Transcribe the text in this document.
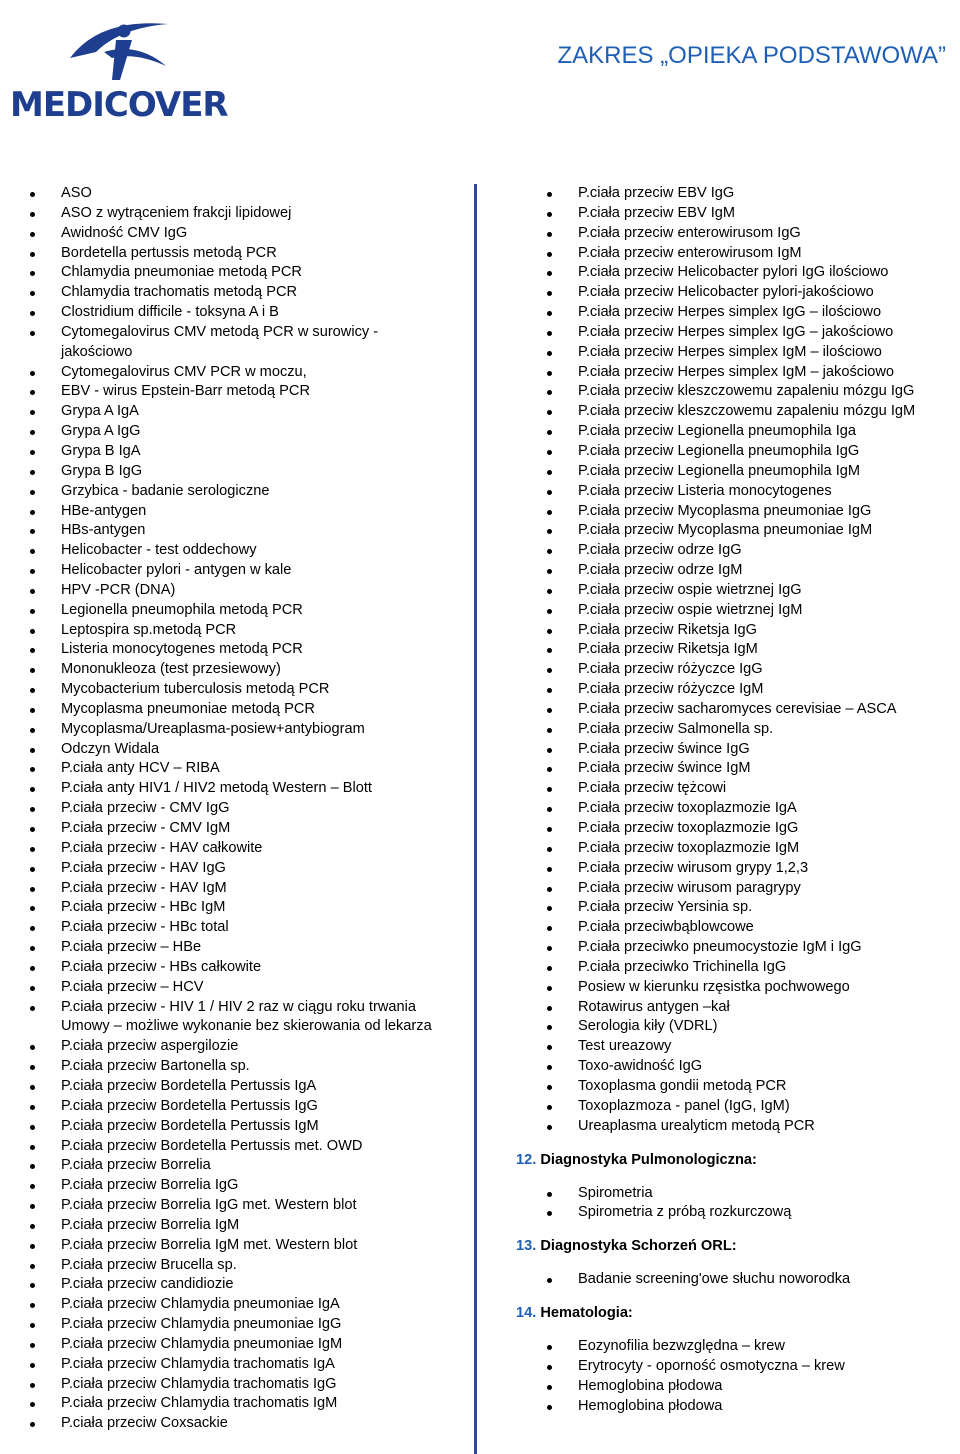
MEDICOVER
ZAKRES „OPIEKA PODSTAWOWA”
ASO
ASO z wytrąceniem frakcji lipidowej
Awidność CMV IgG
Bordetella pertussis metodą PCR
Chlamydia pneumoniae metodą PCR
Chlamydia trachomatis metodą PCR
Clostridium difficile - toksyna A i B
Cytomegalovirus CMV metodą PCR w surowicy - jakościowo
Cytomegalovirus CMV PCR w moczu,
EBV - wirus Epstein-Barr metodą PCR
Grypa A IgA
Grypa A IgG
Grypa B IgA
Grypa B IgG
Grzybica - badanie serologiczne
HBe-antygen
HBs-antygen
Helicobacter - test oddechowy
Helicobacter pylori - antygen w kale
HPV -PCR (DNA)
Legionella pneumophila metodą PCR
Leptospira sp.metodą PCR
Listeria monocytogenes metodą PCR
Mononukleoza (test przesiewowy)
Mycobacterium tuberculosis metodą PCR
Mycoplasma pneumoniae metodą PCR
Mycoplasma/Ureaplasma-posiew+antybiogram
Odczyn Widala
P.ciała anty HCV – RIBA
P.ciała anty HIV1 / HIV2 metodą Western – Blott
P.ciała przeciw - CMV IgG
P.ciała przeciw - CMV IgM
P.ciała przeciw - HAV całkowite
P.ciała przeciw - HAV IgG
P.ciała przeciw - HAV IgM
P.ciała przeciw - HBc IgM
P.ciała przeciw - HBc total
P.ciała przeciw – HBe
P.ciała przeciw - HBs całkowite
P.ciała przeciw – HCV
P.ciała przeciw - HIV 1 / HIV 2 raz w ciągu roku trwania Umowy – możliwe wykonanie bez skierowania od lekarza
P.ciała przeciw aspergilozie
P.ciała przeciw Bartonella sp.
P.ciała przeciw Bordetella Pertussis IgA
P.ciała przeciw Bordetella Pertussis IgG
P.ciała przeciw Bordetella Pertussis IgM
P.ciała przeciw Bordetella Pertussis met. OWD
P.ciała przeciw Borrelia
P.ciała przeciw Borrelia IgG
P.ciała przeciw Borrelia IgG met. Western blot
P.ciała przeciw Borrelia IgM
P.ciała przeciw Borrelia IgM met. Western blot
P.ciała przeciw Brucella sp.
P.ciała przeciw candidiozie
P.ciała przeciw Chlamydia pneumoniae IgA
P.ciała przeciw Chlamydia pneumoniae IgG
P.ciała przeciw Chlamydia pneumoniae IgM
P.ciała przeciw Chlamydia trachomatis IgA
P.ciała przeciw Chlamydia trachomatis IgG
P.ciała przeciw Chlamydia trachomatis IgM
P.ciała przeciw Coxsackie
P.ciała przeciw EBV IgG
P.ciała przeciw EBV IgM
P.ciała przeciw enterowirusom IgG
P.ciała przeciw enterowirusom IgM
P.ciała przeciw Helicobacter pylori IgG ilościowo
P.ciała przeciw Helicobacter pylori-jakościowo
P.ciała przeciw Herpes simplex IgG – ilościowo
P.ciała przeciw Herpes simplex IgG – jakościowo
P.ciała przeciw Herpes simplex IgM – ilościowo
P.ciała przeciw Herpes simplex IgM – jakościowo
P.ciała przeciw kleszczowemu zapaleniu mózgu IgG
P.ciała przeciw kleszczowemu zapaleniu mózgu IgM
P.ciała przeciw Legionella pneumophila Iga
P.ciała przeciw Legionella pneumophila IgG
P.ciała przeciw Legionella pneumophila IgM
P.ciała przeciw Listeria monocytogenes
P.ciała przeciw Mycoplasma pneumoniae IgG
P.ciała przeciw Mycoplasma pneumoniae IgM
P.ciała przeciw odrze IgG
P.ciała przeciw odrze IgM
P.ciała przeciw ospie wietrznej IgG
P.ciała przeciw ospie wietrznej IgM
P.ciała przeciw Riketsja IgG
P.ciała przeciw Riketsja IgM
P.ciała przeciw różyczce IgG
P.ciała przeciw różyczce IgM
P.ciała przeciw sacharomyces cerevisiae – ASCA
P.ciała przeciw Salmonella sp.
P.ciała przeciw śwince IgG
P.ciała przeciw śwince IgM
P.ciała przeciw tężcowi
P.ciała przeciw toxoplazmozie IgA
P.ciała przeciw toxoplazmozie IgG
P.ciała przeciw toxoplazmozie IgM
P.ciała przeciw wirusom grypy 1,2,3
P.ciała przeciw wirusom paragrypy
P.ciała przeciw Yersinia sp.
P.ciała przeciwbąblowcowe
P.ciała przeciwko pneumocystozie IgM i IgG
P.ciała przeciwko Trichinella IgG
Posiew w kierunku rzęsistka pochwowego
Rotawirus antygen –kał
Serologia kiły (VDRL)
Test ureazowy
Toxo-awidność IgG
Toxoplasma gondii metodą PCR
Toxoplazmoza - panel (IgG, IgM)
Ureaplasma urealyticm metodą PCR
12. Diagnostyka Pulmonologiczna:
Spirometria
Spirometria z próbą rozkurczową
13. Diagnostyka Schorzeń ORL:
Badanie screening'owe słuchu noworodka
14. Hematologia:
Eozynofilia bezwzględna – krew
Erytrocyty - oporność osmotyczna – krew
Hemoglobina płodowa
Hemoglobina płodowa
